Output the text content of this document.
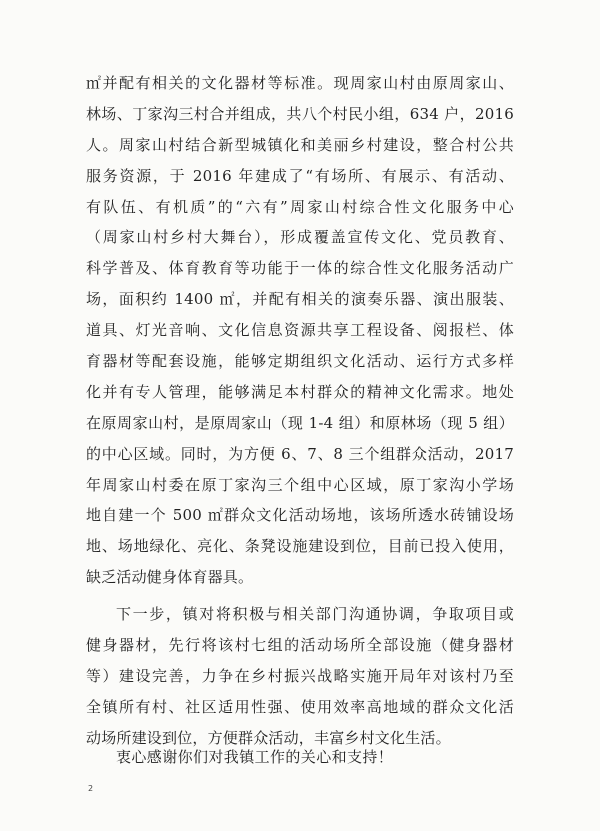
㎡并配有相关的文化器材等标准。现周家山村由原周家山、
林场、丁家沟三村合并组成，共八个村民小组，634 户，2016
人。周家山村结合新型城镇化和美丽乡村建设，整合村公共
服务资源，于 2016 年建成了“有场所、有展示、有活动、
有队伍、有机质”的“六有”周家山村综合性文化服务中心
（周家山村乡村大舞台），形成覆盖宣传文化、党员教育、
科学普及、体育教育等功能于一体的综合性文化服务活动广
场，面积约 1400 ㎡，并配有相关的演奏乐器、演出服装、
道具、灯光音响、文化信息资源共享工程设备、阅报栏、体
育器材等配套设施，能够定期组织文化活动、运行方式多样
化并有专人管理，能够满足本村群众的精神文化需求。地处
在原周家山村，是原周家山（现 1-4 组）和原林场（现 5 组）
的中心区域。同时，为方便 6、7、8 三个组群众活动，2017
年周家山村委在原丁家沟三个组中心区域，原丁家沟小学场
地自建一个 500 ㎡群众文化活动场地，该场所透水砖铺设场
地、场地绿化、亮化、条凳设施建设到位，目前已投入使用，
缺乏活动健身体育器具。
下一步，镇对将积极与相关部门沟通协调，争取项目或
健身器材，先行将该村七组的活动场所全部设施（健身器材
等）建设完善，力争在乡村振兴战略实施开局年对该村乃至
全镇所有村、社区适用性强、使用效率高地域的群众文化活
动场所建设到位，方便群众活动，丰富乡村文化生活。
衷心感谢你们对我镇工作的关心和支持！
2
